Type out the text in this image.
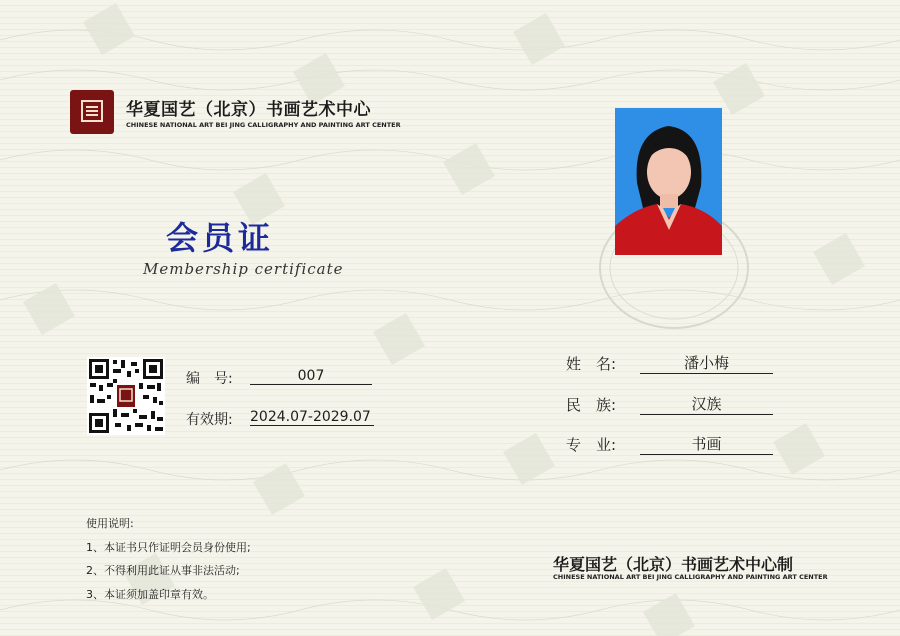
华夏国艺（北京）书画艺术中心
CHINESE NATIONAL ART BEI JING CALLIGRAPHY AND PAINTING ART CENTER
会员证
Membership certificate
编　号:	007
有效期: 2024.07-2029.07
姓　名:	潘小梅
民　族:	汉族
专　业:	书画
使用说明:
1、本证书只作证明会员身份使用;
2、不得利用此证从事非法活动;
3、本证须加盖印章有效。
华夏国艺（北京）书画艺术中心制
CHINESE NATIONAL ART BEI JING CALLIGRAPHY AND PAINTING ART CENTER
